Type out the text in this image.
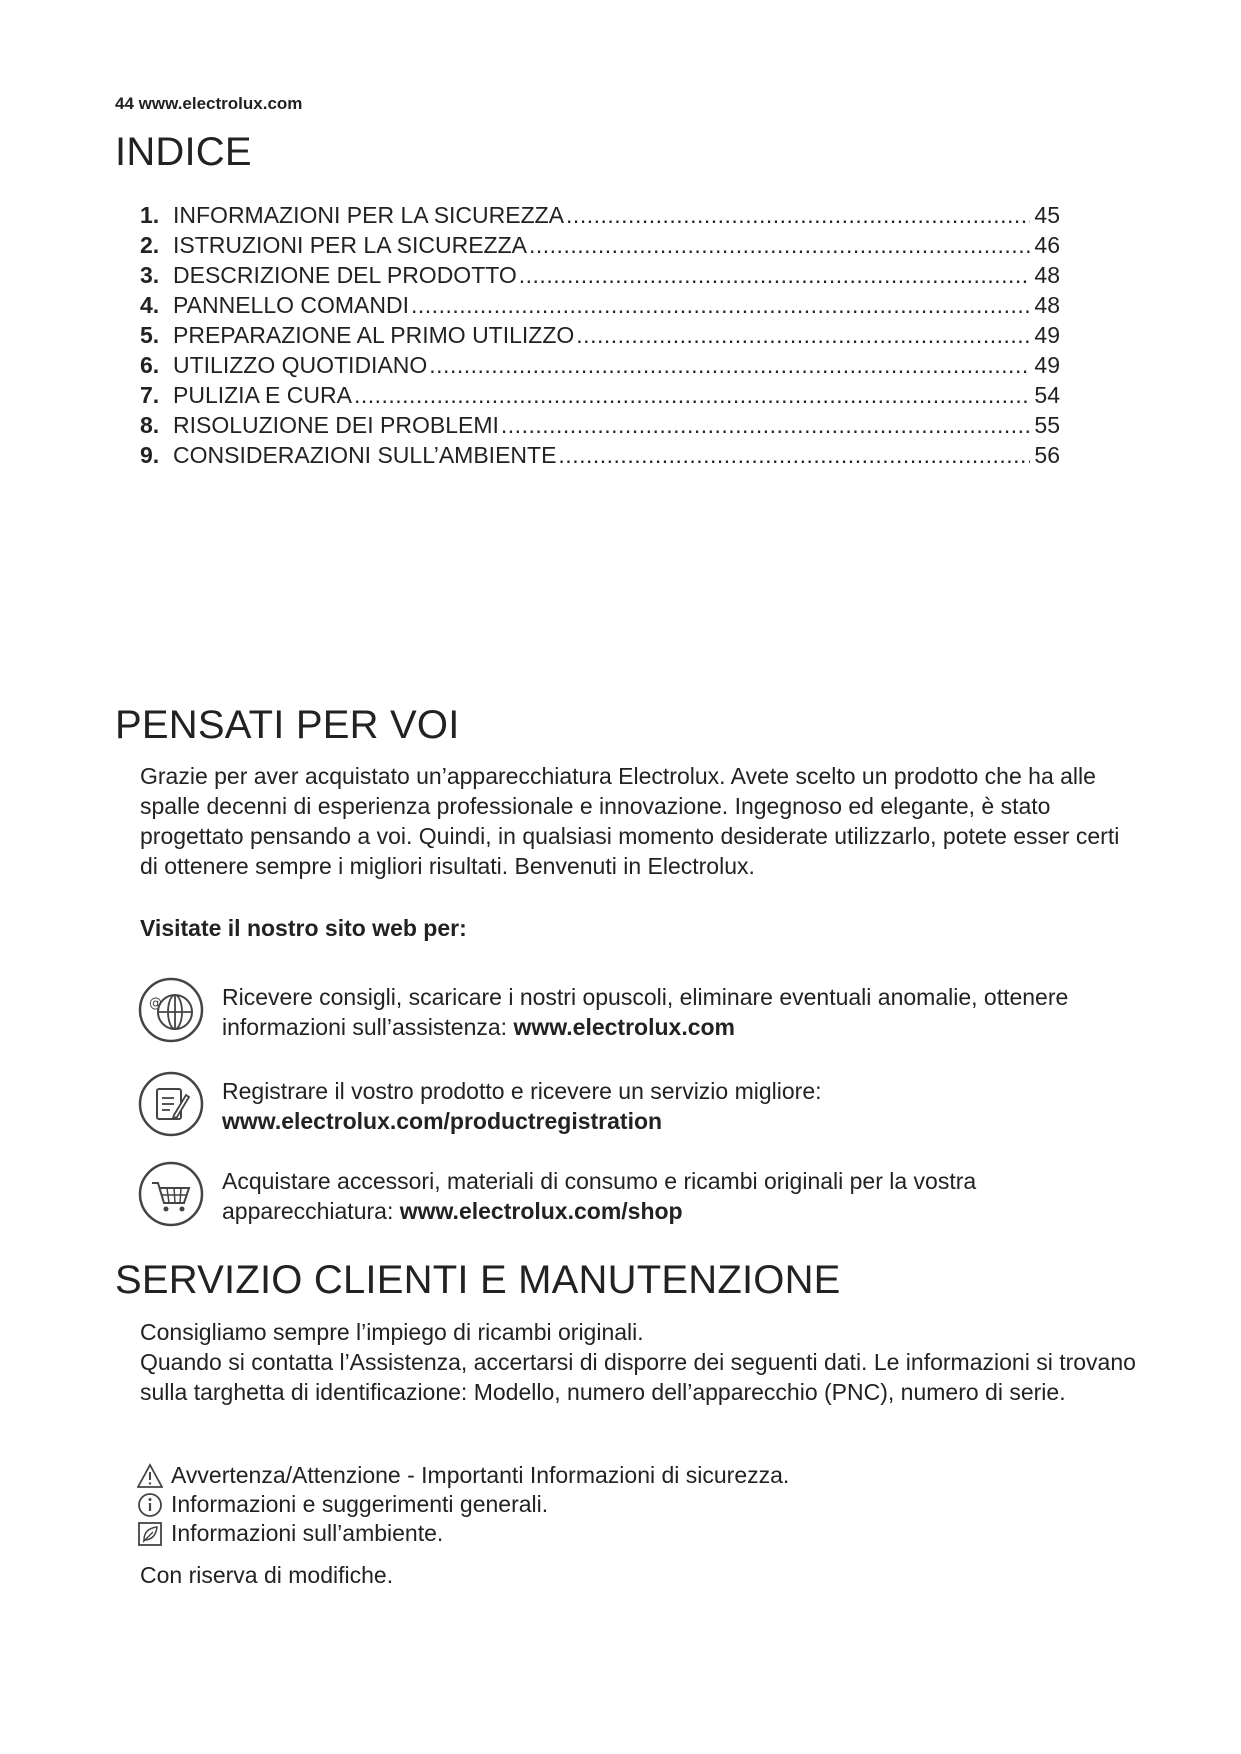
44 www.electrolux.com
INDICE
1. INFORMAZIONI PER LA SICUREZZA .....	45
2. ISTRUZIONI PER LA SICUREZZA .....	46
3. DESCRIZIONE DEL PRODOTTO .....	48
4. PANNELLO COMANDI .....	48
5. PREPARAZIONE AL PRIMO UTILIZZO .....	49
6. UTILIZZO QUOTIDIANO .....	49
7. PULIZIA E CURA .....	54
8. RISOLUZIONE DEI PROBLEMI .....	55
9. CONSIDERAZIONI SULL’AMBIENTE .....	56
PENSATI PER VOI
Grazie per aver acquistato un’apparecchiatura Electrolux. Avete scelto un prodotto che ha alle spalle decenni di esperienza professionale e innovazione. Ingegnoso ed elegante, è stato progettato pensando a voi. Quindi, in qualsiasi momento desiderate utilizzarlo, potete esser certi di ottenere sempre i migliori risultati. Benvenuti in Electrolux.
Visitate il nostro sito web per:
@	Ricevere consigli, scaricare i nostri opuscoli, eliminare eventuali anomalie, ottenere informazioni sull’assistenza: www.electrolux.com
Registrare il vostro prodotto e ricevere un servizio migliore:
www.electrolux.com/productregistration
Acquistare accessori, materiali di consumo e ricambi originali per la vostra apparecchiatura: www.electrolux.com/shop
SERVIZIO CLIENTI E MANUTENZIONE
Consigliamo sempre l’impiego di ricambi originali.
Quando si contatta l’Assistenza, accertarsi di disporre dei seguenti dati. Le informazioni si trovano sulla targhetta di identificazione: Modello, numero dell’apparecchio (PNC), numero di serie.
Avvertenza/Attenzione - Importanti Informazioni di sicurezza.
Informazioni e suggerimenti generali.
Informazioni sull’ambiente.
Con riserva di modifiche.
